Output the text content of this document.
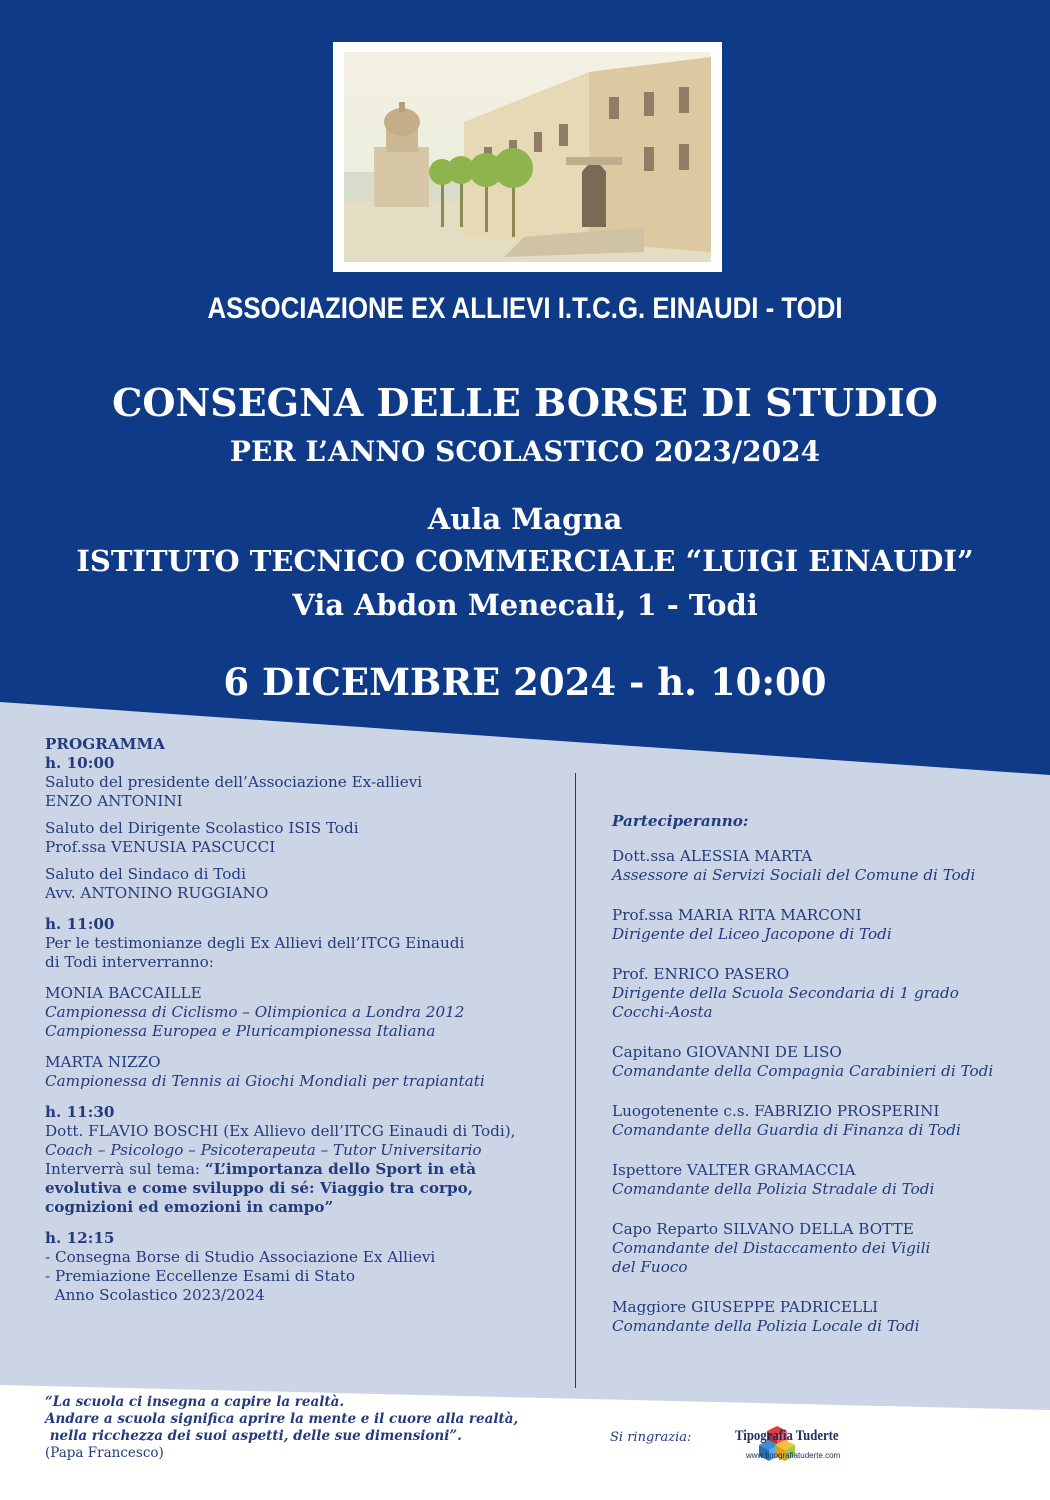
ASSOCIAZIONE EX ALLIEVI I.T.C.G. EINAUDI - TODI
CONSEGNA DELLE BORSE DI STUDIO
PER L’ANNO SCOLASTICO 2023/2024
Aula Magna
ISTITUTO TECNICO COMMERCIALE “LUIGI EINAUDI”
Via Abdon Menecali, 1 - Todi
6 DICEMBRE 2024 - h. 10:00
PROGRAMMA
h. 10:00
Saluto del presidente dell’Associazione Ex-allievi
ENZO ANTONINI
Saluto del Dirigente Scolastico ISIS Todi
Prof.ssa VENUSIA PASCUCCI
Saluto del Sindaco di Todi
Avv. ANTONINO RUGGIANO
h. 11:00
Per le testimonianze degli Ex Allievi dell’ITCG Einaudi
di Todi interverranno:
MONIA BACCAILLE
Campionessa di Ciclismo – Olimpionica a Londra 2012
Campionessa Europea e Pluricampionessa Italiana
MARTA NIZZO
Campionessa di Tennis ai Giochi Mondiali per trapiantati
h. 11:30
Dott. FLAVIO BOSCHI (Ex Allievo dell’ITCG Einaudi di Todi),
Coach – Psicologo – Psicoterapeuta – Tutor Universitario
Interverrà sul tema: “L’importanza dello Sport in età
evolutiva e come sviluppo di sé: Viaggio tra corpo,
cognizioni ed emozioni in campo”
h. 12:15
- Consegna Borse di Studio Associazione Ex Allievi
- Premiazione Eccellenze Esami di Stato
Anno Scolastico 2023/2024
Parteciperanno:
Dott.ssa ALESSIA MARTA
Assessore ai Servizi Sociali del Comune di Todi
Prof.ssa MARIA RITA MARCONI
Dirigente del Liceo Jacopone di Todi
Prof. ENRICO PASERO
Dirigente della Scuola Secondaria di 1 grado
Cocchi-Aosta
Capitano GIOVANNI DE LISO
Comandante della Compagnia Carabinieri di Todi
Luogotenente c.s. FABRIZIO PROSPERINI
Comandante della Guardia di Finanza di Todi
Ispettore VALTER GRAMACCIA
Comandante della Polizia Stradale di Todi
Capo Reparto SILVANO DELLA BOTTE
Comandante del Distaccamento dei Vigili
del Fuoco
Maggiore GIUSEPPE PADRICELLI
Comandante della Polizia Locale di Todi
“La scuola ci insegna a capire la realtà.
Andare a scuola significa aprire la mente e il cuore alla realtà,
nella ricchezza dei suoi aspetti, delle sue dimensioni”.
(Papa Francesco)
Si ringrazia:	Tipografia Tuderte
www.tipografiatuderte.com
